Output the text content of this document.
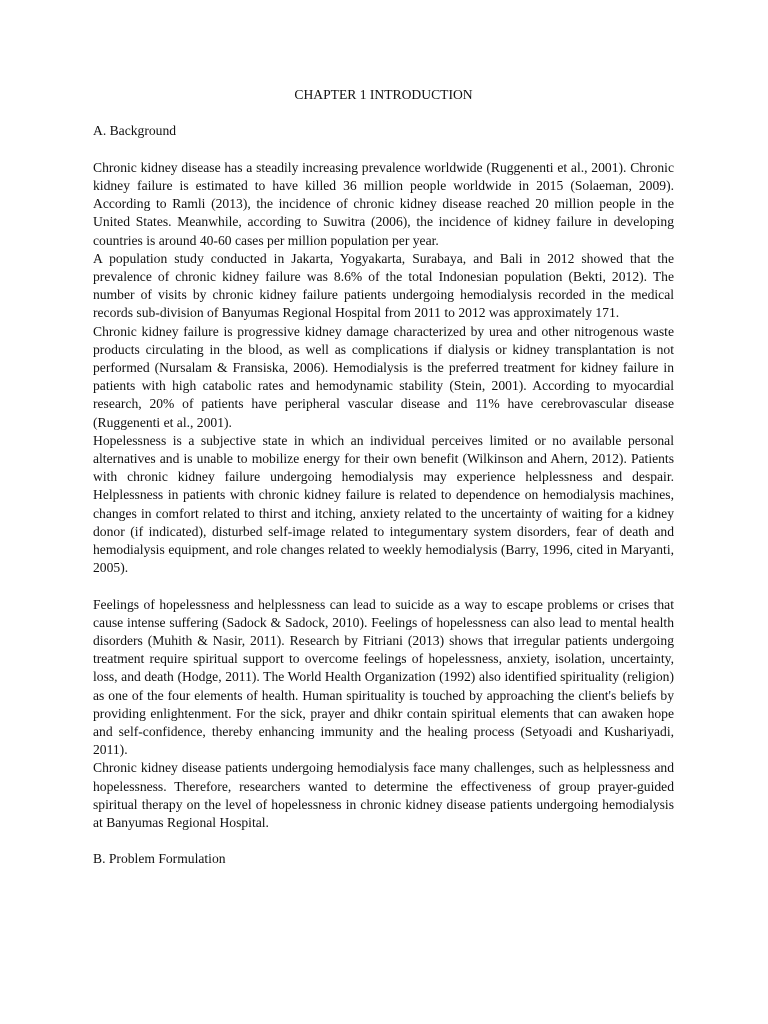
CHAPTER 1 INTRODUCTION
A. Background

Chronic kidney disease has a steadily increasing prevalence worldwide (Ruggenenti et al., 2001). Chronic kidney failure is estimated to have killed 36 million people worldwide in 2015 (Solaeman, 2009). According to Ramli (2013), the incidence of chronic kidney disease reached 20 million people in the United States. Meanwhile, according to Suwitra (2006), the incidence of kidney failure in developing countries is around 40-60 cases per million population per year.

A population study conducted in Jakarta, Yogyakarta, Surabaya, and Bali in 2012 showed that the prevalence of chronic kidney failure was 8.6% of the total Indonesian population (Bekti, 2012). The number of visits by chronic kidney failure patients undergoing hemodialysis recorded in the medical records sub-division of Banyumas Regional Hospital from 2011 to 2012 was approximately 171.

Chronic kidney failure is progressive kidney damage characterized by urea and other nitrogenous waste products circulating in the blood, as well as complications if dialysis or kidney transplantation is not performed (Nursalam & Fransiska, 2006). Hemodialysis is the preferred treatment for kidney failure in patients with high catabolic rates and hemodynamic stability (Stein, 2001). According to myocardial research, 20% of patients have peripheral vascular disease and 11% have cerebrovascular disease (Ruggenenti et al., 2001).

Hopelessness is a subjective state in which an individual perceives limited or no available personal alternatives and is unable to mobilize energy for their own benefit (Wilkinson and Ahern, 2012). Patients with chronic kidney failure undergoing hemodialysis may experience helplessness and despair. Helplessness in patients with chronic kidney failure is related to dependence on hemodialysis machines, changes in comfort related to thirst and itching, anxiety related to the uncertainty of waiting for a kidney donor (if indicated), disturbed self-image related to integumentary system disorders, fear of death and hemodialysis equipment, and role changes related to weekly hemodialysis (Barry, 1996, cited in Maryanti, 2005).

Feelings of hopelessness and helplessness can lead to suicide as a way to escape problems or crises that cause intense suffering (Sadock & Sadock, 2010). Feelings of hopelessness can also lead to mental health disorders (Muhith & Nasir, 2011). Research by Fitriani (2013) shows that irregular patients undergoing treatment require spiritual support to overcome feelings of hopelessness, anxiety, isolation, uncertainty, loss, and death (Hodge, 2011). The World Health Organization (1992) also identified spirituality (religion) as one of the four elements of health. Human spirituality is touched by approaching the client's beliefs by providing enlightenment. For the sick, prayer and dhikr contain spiritual elements that can awaken hope and self-confidence, thereby enhancing immunity and the healing process (Setyoadi and Kushariyadi, 2011).

Chronic kidney disease patients undergoing hemodialysis face many challenges, such as helplessness and hopelessness. Therefore, researchers wanted to determine the effectiveness of group prayer-guided spiritual therapy on the level of hopelessness in chronic kidney disease patients undergoing hemodialysis at Banyumas Regional Hospital.

B. Problem Formulation
